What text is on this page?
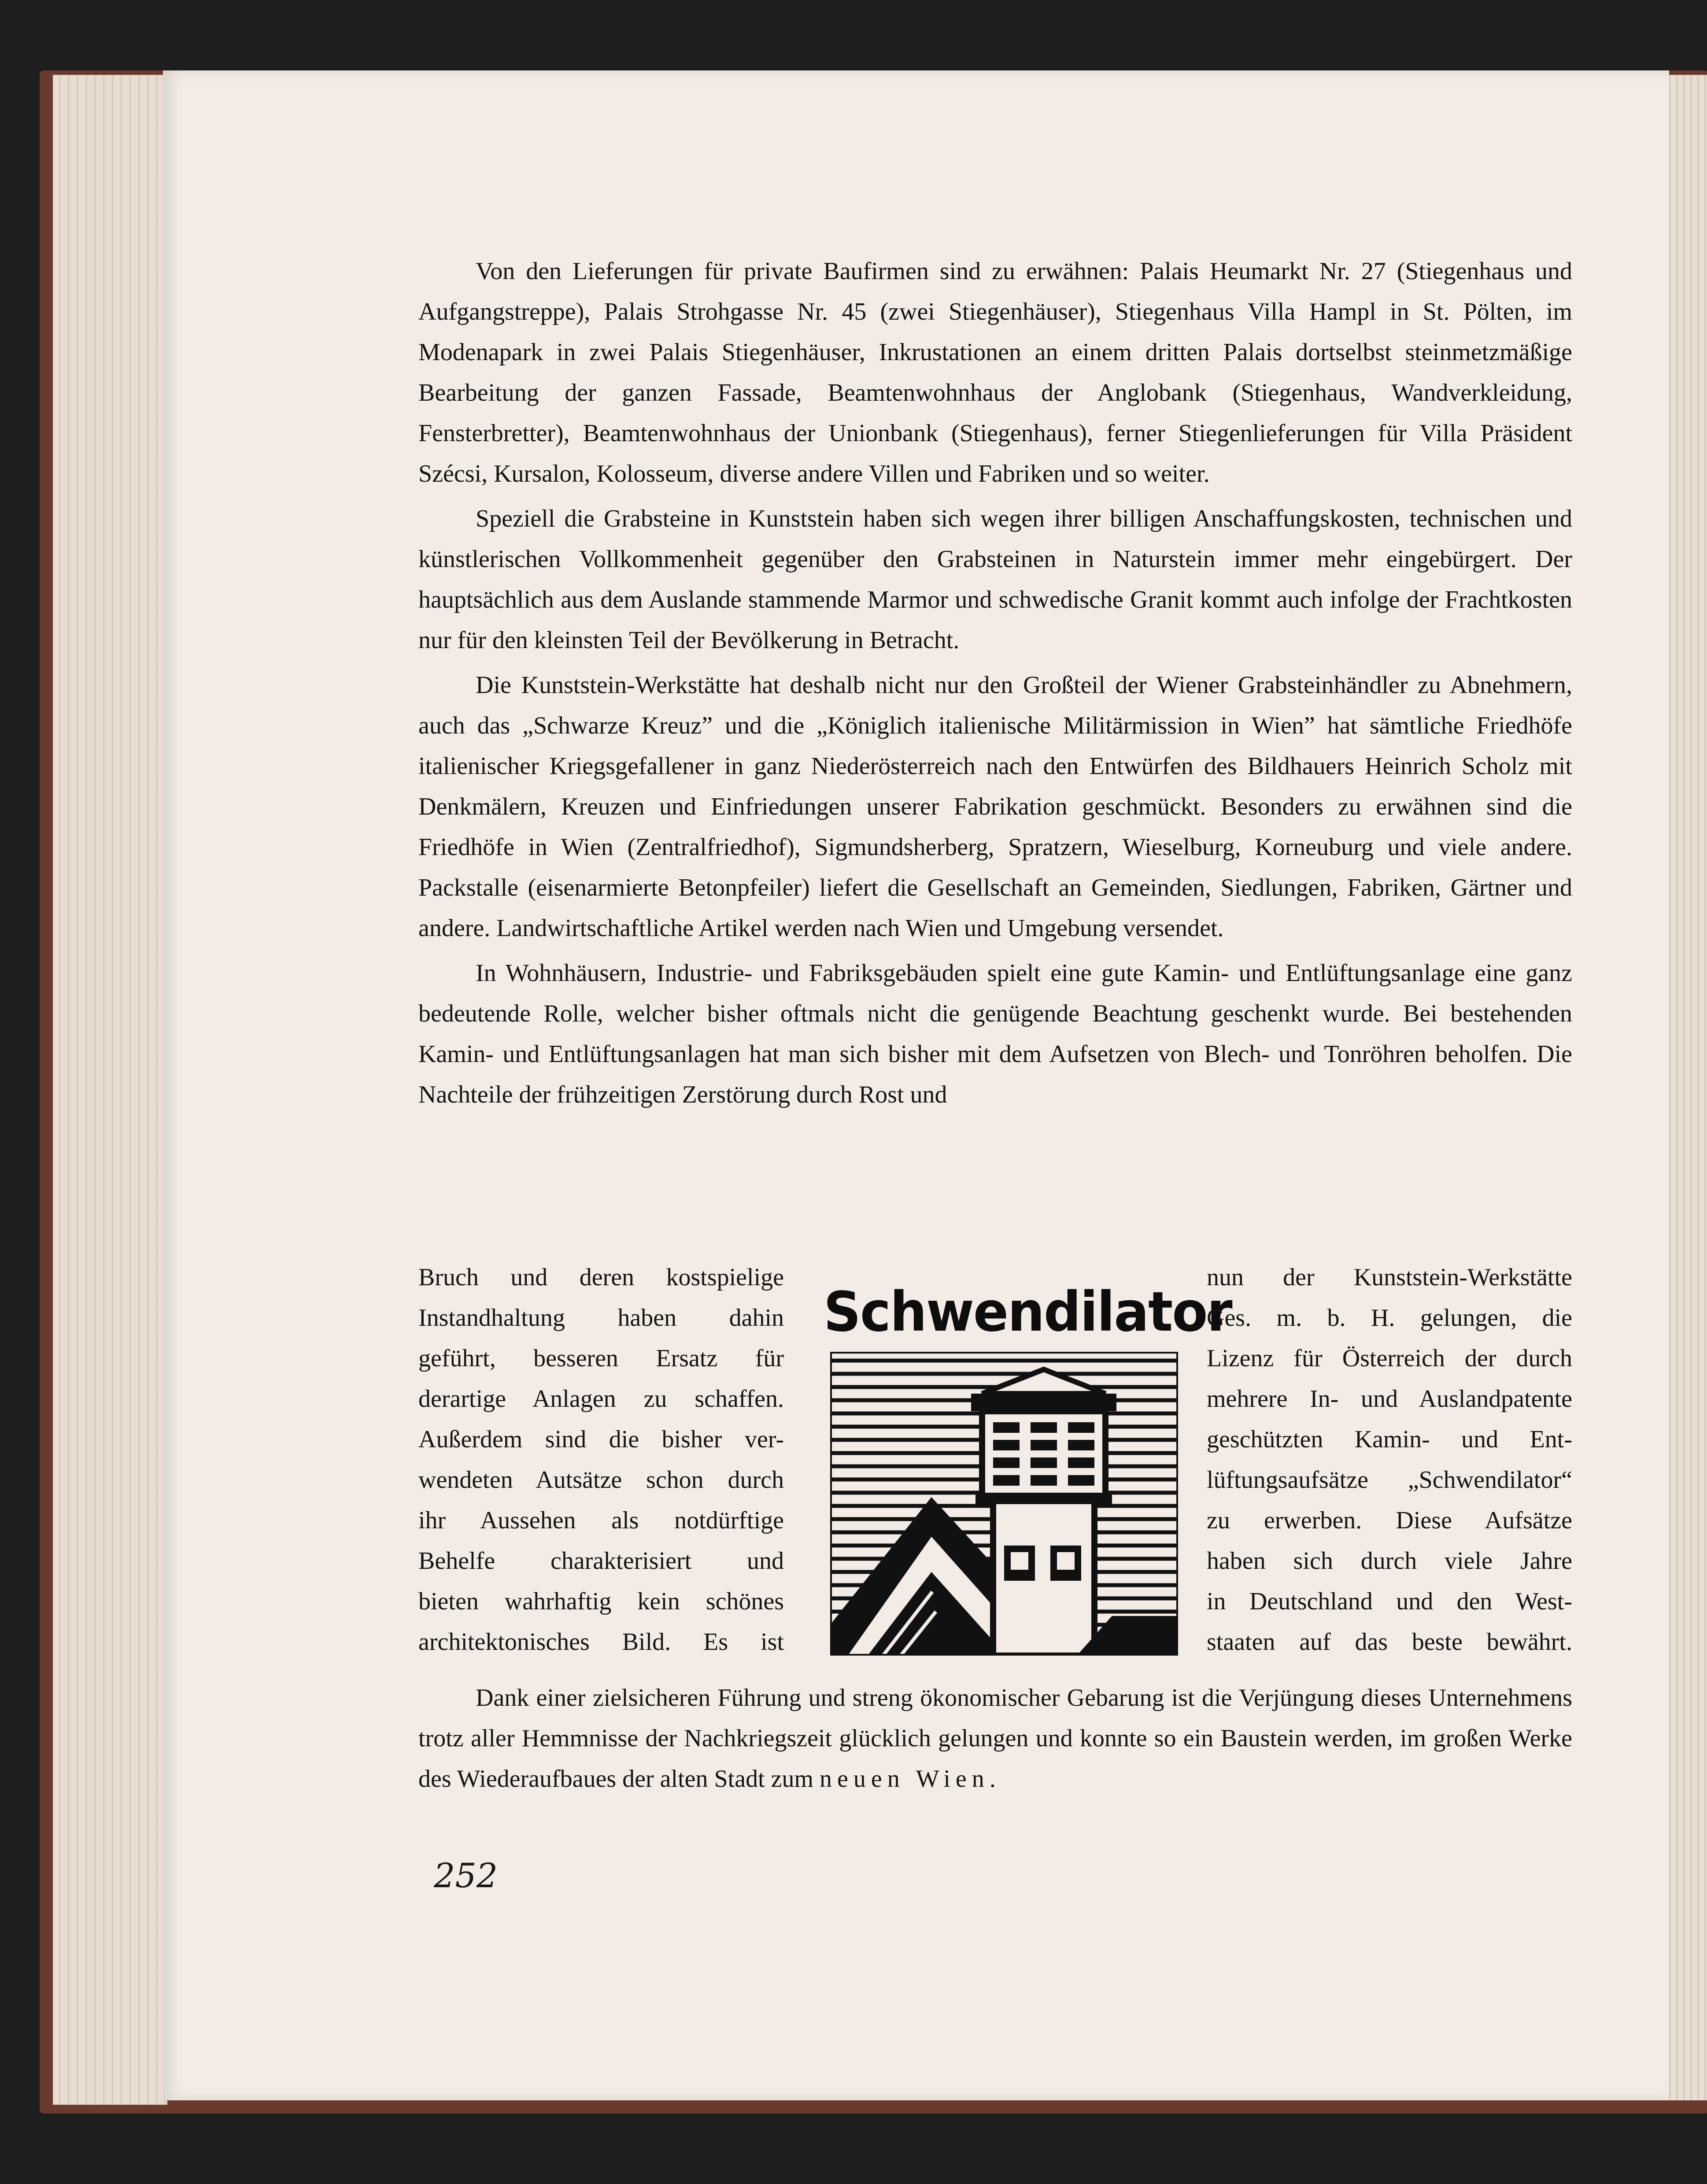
Von den Lieferungen für private Baufirmen sind zu erwähnen: Palais Heumarkt Nr. 27 (Stiegenhaus und Aufgangstreppe), Palais Strohgasse Nr. 45 (zwei Stiegenhäuser), Stiegenhaus Villa Hampl in St. Pölten, im Modenapark in zwei Palais Stiegenhäuser, Inkrustationen an einem dritten Palais dortselbst steinmetzmäßige Bearbeitung der ganzen Fassade, Beamtenwohnhaus der Anglobank (Stiegenhaus, Wandverkleidung, Fensterbretter), Beamtenwohnhaus der Unionbank (Stiegenhaus), ferner Stiegenlieferungen für Villa Präsident Szécsi, Kursalon, Kolosseum, diverse andere Villen und Fabriken und so weiter.

Speziell die Grabsteine in Kunststein haben sich wegen ihrer billigen Anschaffungskosten, technischen und künstlerischen Vollkommenheit gegenüber den Grabsteinen in Naturstein immer mehr eingebürgert. Der hauptsächlich aus dem Auslande stammende Marmor und schwedische Granit kommt auch infolge der Frachtkosten nur für den kleinsten Teil der Bevölkerung in Betracht.

Die Kunststein-Werkstätte hat deshalb nicht nur den Großteil der Wiener Grabsteinhändler zu Abnehmern, auch das „Schwarze Kreuz” und die „Königlich italienische Militärmission in Wien” hat sämtliche Friedhöfe italienischer Kriegsgefallener in ganz Niederösterreich nach den Entwürfen des Bildhauers Heinrich Scholz mit Denkmälern, Kreuzen und Einfriedungen unserer Fabrikation geschmückt. Besonders zu erwähnen sind die Friedhöfe in Wien (Zentralfriedhof), Sigmundsherberg, Spratzern, Wieselburg, Korneuburg und viele andere. Packstalle (eisenarmierte Betonpfeiler) liefert die Gesellschaft an Gemeinden, Siedlungen, Fabriken, Gärtner und andere. Landwirtschaftliche Artikel werden nach Wien und Umgebung versendet.

In Wohnhäusern, Industrie- und Fabriksgebäuden spielt eine gute Kamin- und Entlüftungsanlage eine ganz bedeutende Rolle, welcher bisher oftmals nicht die genügende Beachtung geschenkt wurde. Bei bestehenden Kamin- und Entlüftungsanlagen hat man sich bisher mit dem Aufsetzen von Blech- und Tonröhren beholfen. Die Nachteile der frühzeitigen Zerstörung durch Rost und

Bruch und deren kostspielige
Instandhaltung haben dahin
geführt, besseren Ersatz für
derartige Anlagen zu schaffen.
Außerdem sind die bisher ver-
wendeten Autsätze schon durch
ihr Aussehen als notdürftige
Behelfe charakterisiert und
bieten wahrhaftig kein schönes
architektonisches Bild. Es ist
Schwendilator
nun der Kunststein-Werkstätte
Ges. m. b. H. gelungen, die
Lizenz für Österreich der durch
mehrere In- und Auslandpatente
geschützten Kamin- und Ent-
lüftungsaufsätze „Schwendilator“
zu erwerben. Diese Aufsätze
haben sich durch viele Jahre
in Deutschland und den West-
staaten auf das beste bewährt.

Dank einer zielsicheren Führung und streng ökonomischer Gebarung ist die Verjüngung dieses Unternehmens trotz aller Hemmnisse der Nachkriegszeit glücklich gelungen und konnte so ein Baustein werden, im großen Werke des Wiederaufbaues der alten Stadt zum neuen Wien.

252
